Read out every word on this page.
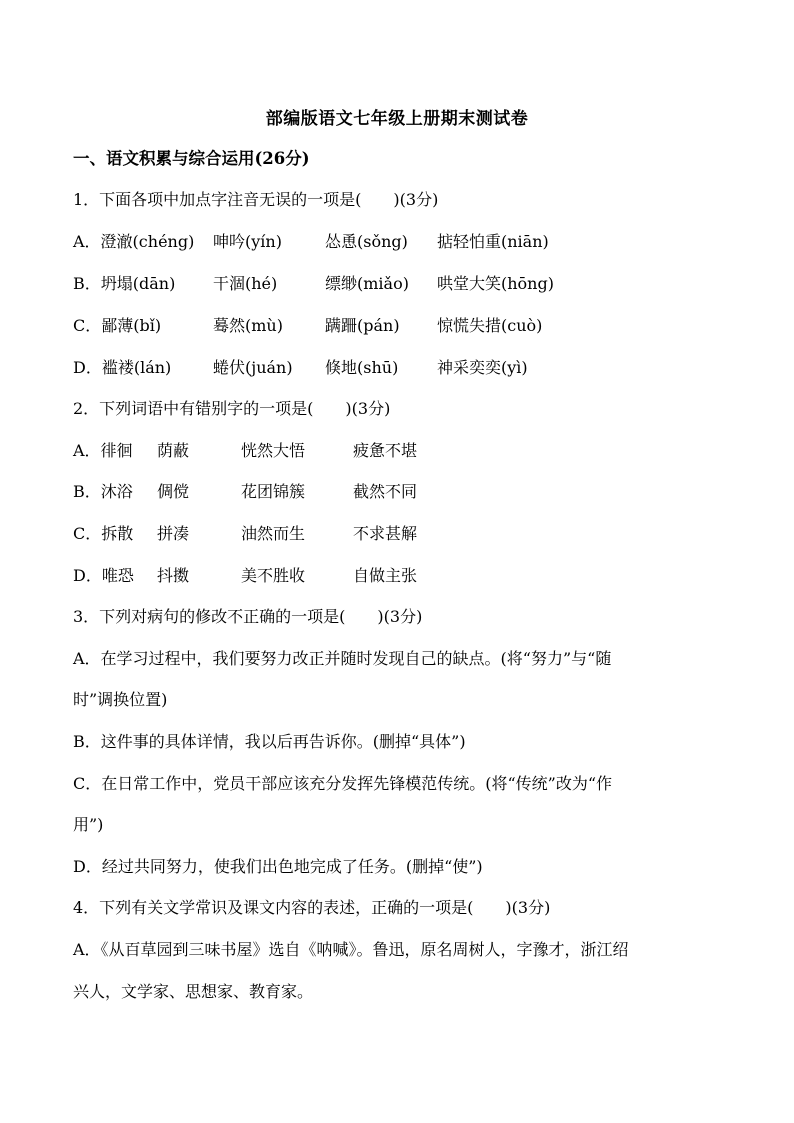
部编版语文七年级上册期末测试卷
一、语文积累与综合运用(26分)
1．下面各项中加点字注音无误的一项是(　　)(3分)
A．澄澈(chéng) 呻吟(yín)	怂恿(sǒng) 掂轻怕重(niān)
B．坍塌(dān) 干涸(hé)	缥缈(miǎo) 哄堂大笑(hōng)
C．鄙薄(bǐ)	蓦然(mù)	蹒跚(pán) 惊慌失措(cuò)
D．褴褛(lán)	蜷伏(juán) 倏地(shū) 神采奕奕(yì)
2．下列词语中有错别字的一项是(　　)(3分)
A．徘徊 荫蔽	恍然大悟	疲惫不堪
B．沐浴 倜傥	花团锦簇	截然不同
C．拆散 拼凑	油然而生	不求甚解
D．唯恐 抖擞	美不胜收	自做主张
3．下列对病句的修改不正确的一项是(　　)(3分)
A．在学习过程中，我们要努力改正并随时发现自己的缺点。(将“努力”与“随
时”调换位置)
B．这件事的具体详情，我以后再告诉你。(删掉“具体”)
C．在日常工作中，党员干部应该充分发挥先锋模范传统。(将“传统”改为“作
用”)
D．经过共同努力，使我们出色地完成了任务。(删掉“使”)
4．下列有关文学常识及课文内容的表述，正确的一项是(　　)(3分)
A．《从百草园到三味书屋》选自《呐喊》。鲁迅，原名周树人，字豫才，浙江绍
兴人，文学家、思想家、教育家。
